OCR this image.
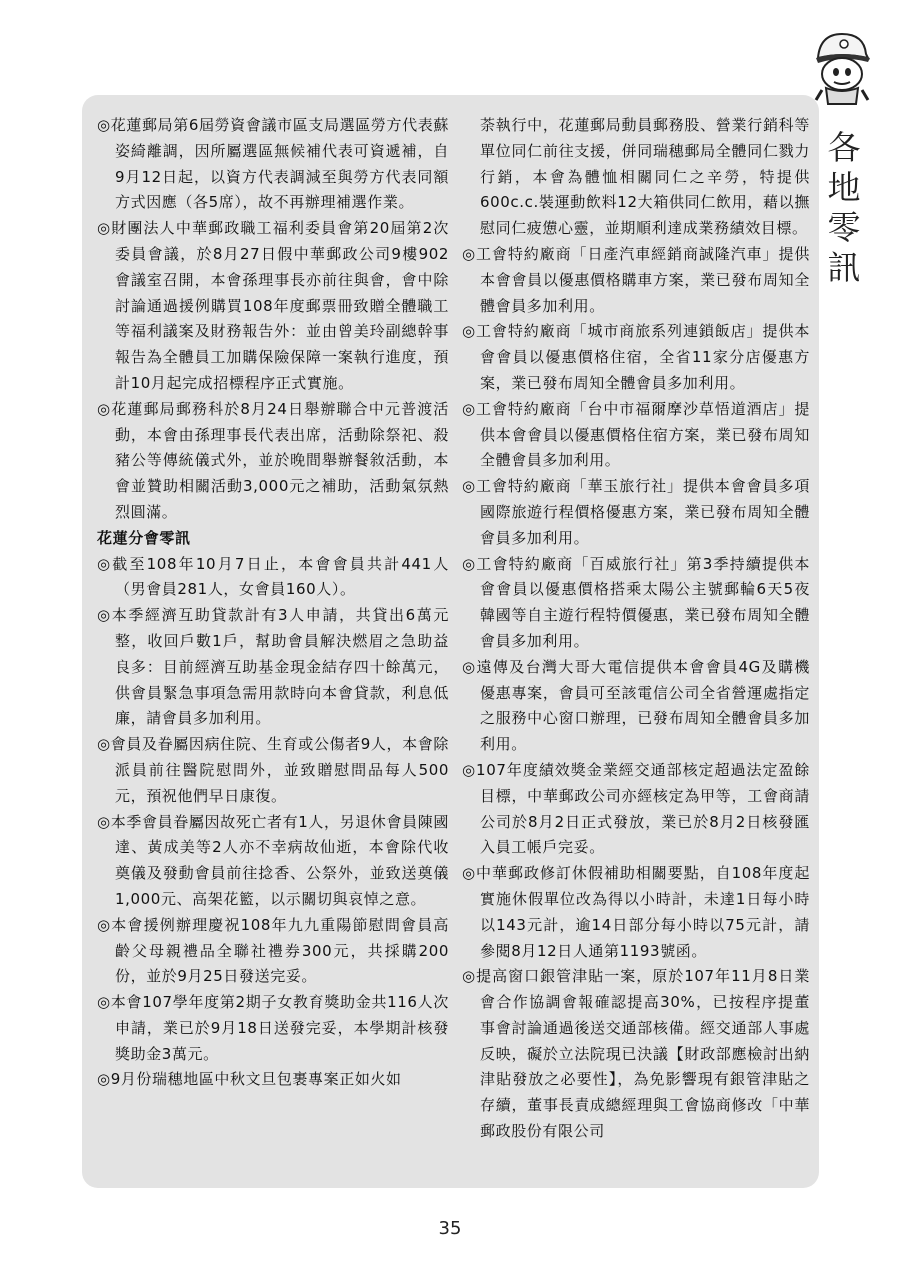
各
地
零
訊

◎花蓮郵局第6屆勞資會議市區支局選區勞方代表蘇姿綺離調，因所屬選區無候補代表可資遞補，自9月12日起，以資方代表調減至與勞方代表同額方式因應（各5席），故不再辦理補選作業。

◎財團法人中華郵政職工福利委員會第20屆第2次委員會議，於8月27日假中華郵政公司9樓902會議室召開，本會孫理事長亦前往與會，會中除討論通過援例購買108年度郵票冊致贈全體職工等福利議案及財務報告外：並由曾美玲副總幹事報告為全體員工加購保險保障一案執行進度，預計10月起完成招標程序正式實施。

◎花蓮郵局郵務科於8月24日舉辦聯合中元普渡活動，本會由孫理事長代表出席，活動除祭祀、殺豬公等傳統儀式外，並於晚間舉辦餐敘活動，本會並贊助相關活動3,000元之補助，活動氣氛熱烈圓滿。

花蓮分會零訊

◎截至108年10月7日止，本會會員共計441人（男會員281人，女會員160人）。

◎本季經濟互助貸款計有3人申請，共貸出6萬元整，收回戶數1戶，幫助會員解決燃眉之急助益良多：目前經濟互助基金現金結存四十餘萬元，供會員緊急事項急需用款時向本會貸款，利息低廉，請會員多加利用。

◎會員及眷屬因病住院、生育或公傷者9人，本會除派員前往醫院慰問外，並致贈慰問品每人500元，預祝他們早日康復。

◎本季會員眷屬因故死亡者有1人，另退休會員陳國達、黃成美等2人亦不幸病故仙逝，本會除代收奠儀及發動會員前往捻香、公祭外，並致送奠儀1,000元、高架花籃，以示關切與哀悼之意。

◎本會援例辦理慶祝108年九九重陽節慰問會員高齡父母親禮品全聯社禮券300元，共採購200份，並於9月25日發送完妥。

◎本會107學年度第2期子女教育獎助金共116人次申請，業已於9月18日送發完妥，本學期計核發獎助金3萬元。

◎9月份瑞穗地區中秋文旦包裹專案正如火如

荼執行中，花蓮郵局動員郵務股、營業行銷科等單位同仁前往支援，併同瑞穗郵局全體同仁戮力行銷，本會為體恤相關同仁之辛勞，特提供600c.c.裝運動飲料12大箱供同仁飲用，藉以撫慰同仁疲憊心靈，並期順利達成業務績效目標。

◎工會特約廠商「日產汽車經銷商誠隆汽車」提供本會會員以優惠價格購車方案，業已發布周知全體會員多加利用。

◎工會特約廠商「城市商旅系列連鎖飯店」提供本會會員以優惠價格住宿，全省11家分店優惠方案，業已發布周知全體會員多加利用。

◎工會特約廠商「台中市福爾摩沙草悟道酒店」提供本會會員以優惠價格住宿方案，業已發布周知全體會員多加利用。

◎工會特約廠商「華玉旅行社」提供本會會員多項國際旅遊行程價格優惠方案，業已發布周知全體會員多加利用。

◎工會特約廠商「百威旅行社」第3季持續提供本會會員以優惠價格搭乘太陽公主號郵輪6天5夜韓國等自主遊行程特價優惠，業已發布周知全體會員多加利用。

◎遠傳及台灣大哥大電信提供本會會員4G及購機優惠專案，會員可至該電信公司全省營運處指定之服務中心窗口辦理，已發布周知全體會員多加利用。

◎107年度績效獎金業經交通部核定超過法定盈餘目標，中華郵政公司亦經核定為甲等，工會商請公司於8月2日正式發放，業已於8月2日核發匯入員工帳戶完妥。

◎中華郵政修訂休假補助相關要點，自108年度起實施休假單位改為得以小時計，未達1日每小時以143元計，逾14日部分每小時以75元計，請參閱8月12日人通第1193號函。

◎提高窗口銀管津貼一案，原於107年11月8日業會合作協調會報確認提高30%，已按程序提董事會討論通過後送交通部核備。經交通部人事處反映，礙於立法院現已決議【財政部應檢討出納津貼發放之必要性】，為免影響現有銀管津貼之存續，董事長責成總經理與工會協商修改「中華郵政股份有限公司

35
